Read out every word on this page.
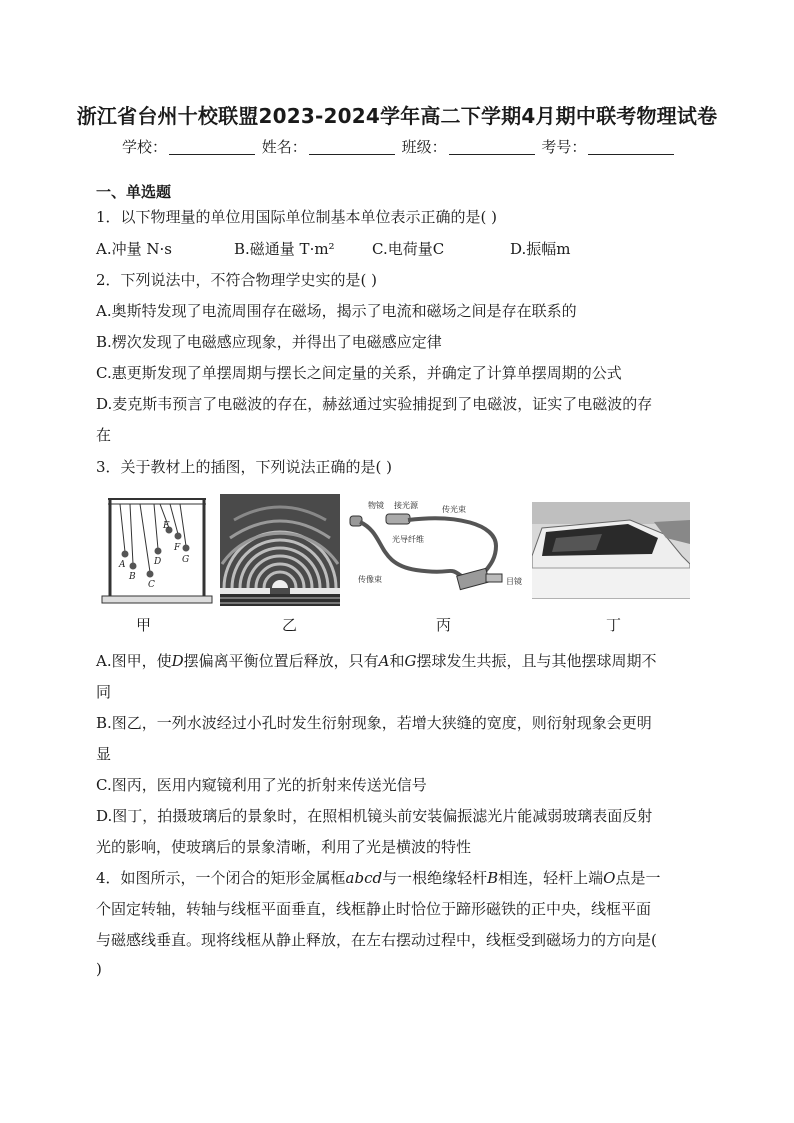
浙江省台州十校联盟2023-2024学年高二下学期4月期中联考物理试卷
学校：	姓名：	班级：	考号：
一、单选题
1．以下物理量的单位用国际单位制基本单位表示正确的是( )
A.冲量 N·s	B.磁通量 T·m² C.电荷量C	D.振幅m
2．下列说法中，不符合物理学史实的是( )
A.奥斯特发现了电流周围存在磁场，揭示了电流和磁场之间是存在联系的
B.楞次发现了电磁感应现象，并得出了电磁感应定律
C.惠更斯发现了单摆周期与摆长之间定量的关系，并确定了计算单摆周期的公式
D.麦克斯韦预言了电磁波的存在，赫兹通过实验捕捉到了电磁波，证实了电磁波的存
在
3．关于教材上的插图，下列说法正确的是( )
A
B
C
D
E
F
G
物镜 接光源	传光束
光导纤维
传像束	目镜
甲	乙	丙	丁
A.图甲，使D摆偏离平衡位置后释放，只有A和G摆球发生共振，且与其他摆球周期不
同
B.图乙，一列水波经过小孔时发生衍射现象，若增大狭缝的宽度，则衍射现象会更明
显
C.图丙，医用内窥镜利用了光的折射来传送光信号
D.图丁，拍摄玻璃后的景象时，在照相机镜头前安装偏振滤光片能减弱玻璃表面反射
光的影响，使玻璃后的景象清晰，利用了光是横波的特性
4．如图所示，一个闭合的矩形金属框abcd与一根绝缘轻杆B相连，轻杆上端O点是一
个固定转轴，转轴与线框平面垂直，线框静止时恰位于蹄形磁铁的正中央，线框平面
与磁感线垂直。现将线框从静止释放，在左右摆动过程中，线框受到磁场力的方向是(
)
